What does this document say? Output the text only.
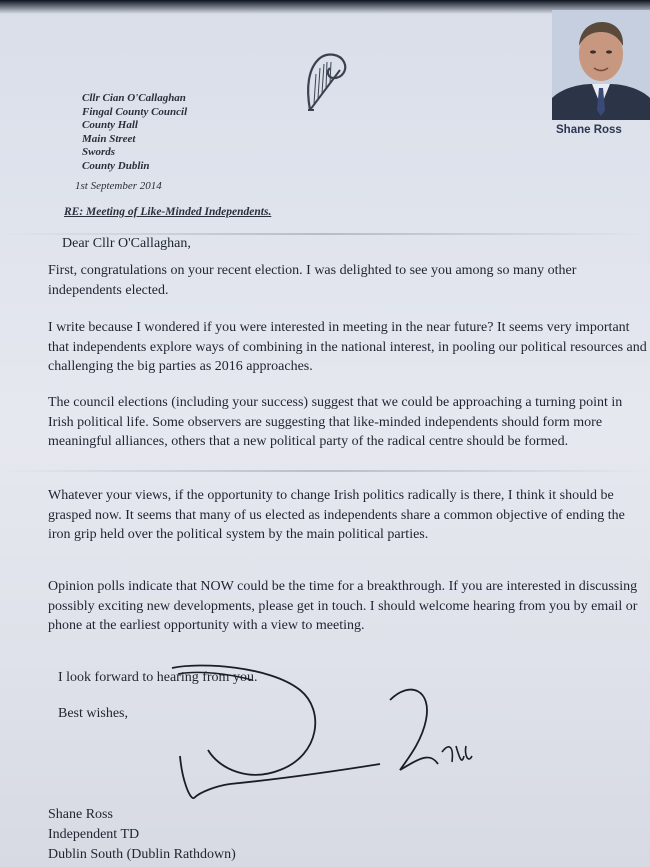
Shane Ross
Cllr Cian O'Callaghan
Fingal County Council
County Hall
Main Street
Swords
County Dublin
1st September 2014
RE: Meeting of Like-Minded Independents.
Dear Cllr O'Callaghan,
First, congratulations on your recent election. I was delighted to see you among so many other independents elected.
I write because I wondered if you were interested in meeting in the near future? It seems very important that independents explore ways of combining in the national interest, in pooling our political resources and challenging the big parties as 2016 approaches.
The council elections (including your success) suggest that we could be approaching a turning point in Irish political life. Some observers are suggesting that like-minded independents should form more meaningful alliances, others that a new political party of the radical centre should be formed.
Whatever your views, if the opportunity to change Irish politics radically is there, I think it should be grasped now. It seems that many of us elected as independents share a common objective of ending the iron grip held over the political system by the main political parties.
Opinion polls indicate that NOW could be the time for a breakthrough. If you are interested in discussing possibly exciting new developments, please get in touch. I should welcome hearing from you by email or phone at the earliest opportunity with a view to meeting.
I look forward to hearing from you.
Best wishes,
Shane Ross
Independent TD
Dublin South (Dublin Rathdown)
